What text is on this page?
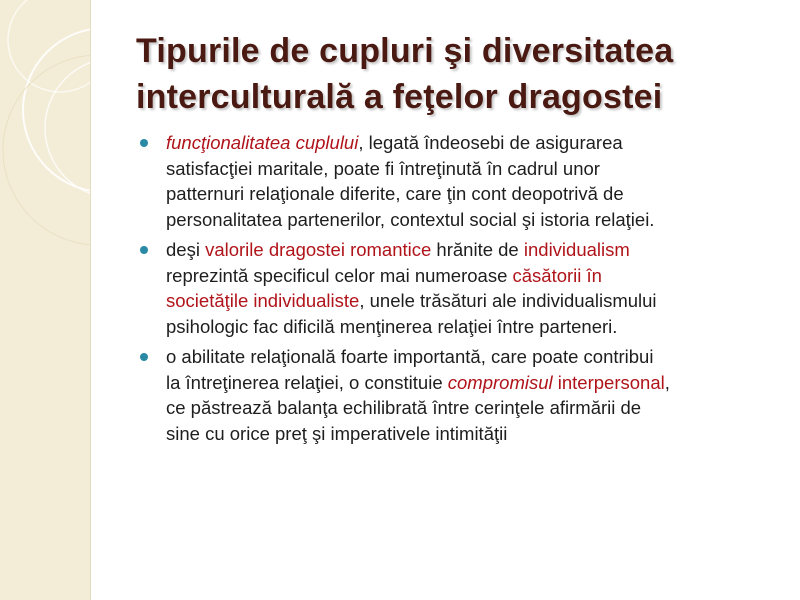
Tipurile de cupluri şi diversitatea
interculturală a feţelor dragostei
funcţionalitatea cuplului, legată îndeosebi de asigurarea
satisfacţiei maritale, poate fi întreţinută în cadrul unor
patternuri relaţionale diferite, care ţin cont deopotrivă de
personalitatea partenerilor, contextul social şi istoria relaţiei.
deşi valorile dragostei romantice hrănite de individualism
reprezintă specificul celor mai numeroase căsătorii în
societăţile individualiste, unele trăsături ale individualismului
psihologic fac dificilă menţinerea relaţiei între parteneri.
o abilitate relaţională foarte importantă, care poate contribui
la întreţinerea relaţiei, o constituie compromisul interpersonal,
ce păstrează balanţa echilibrată între cerinţele afirmării de
sine cu orice preţ şi imperativele intimităţii
